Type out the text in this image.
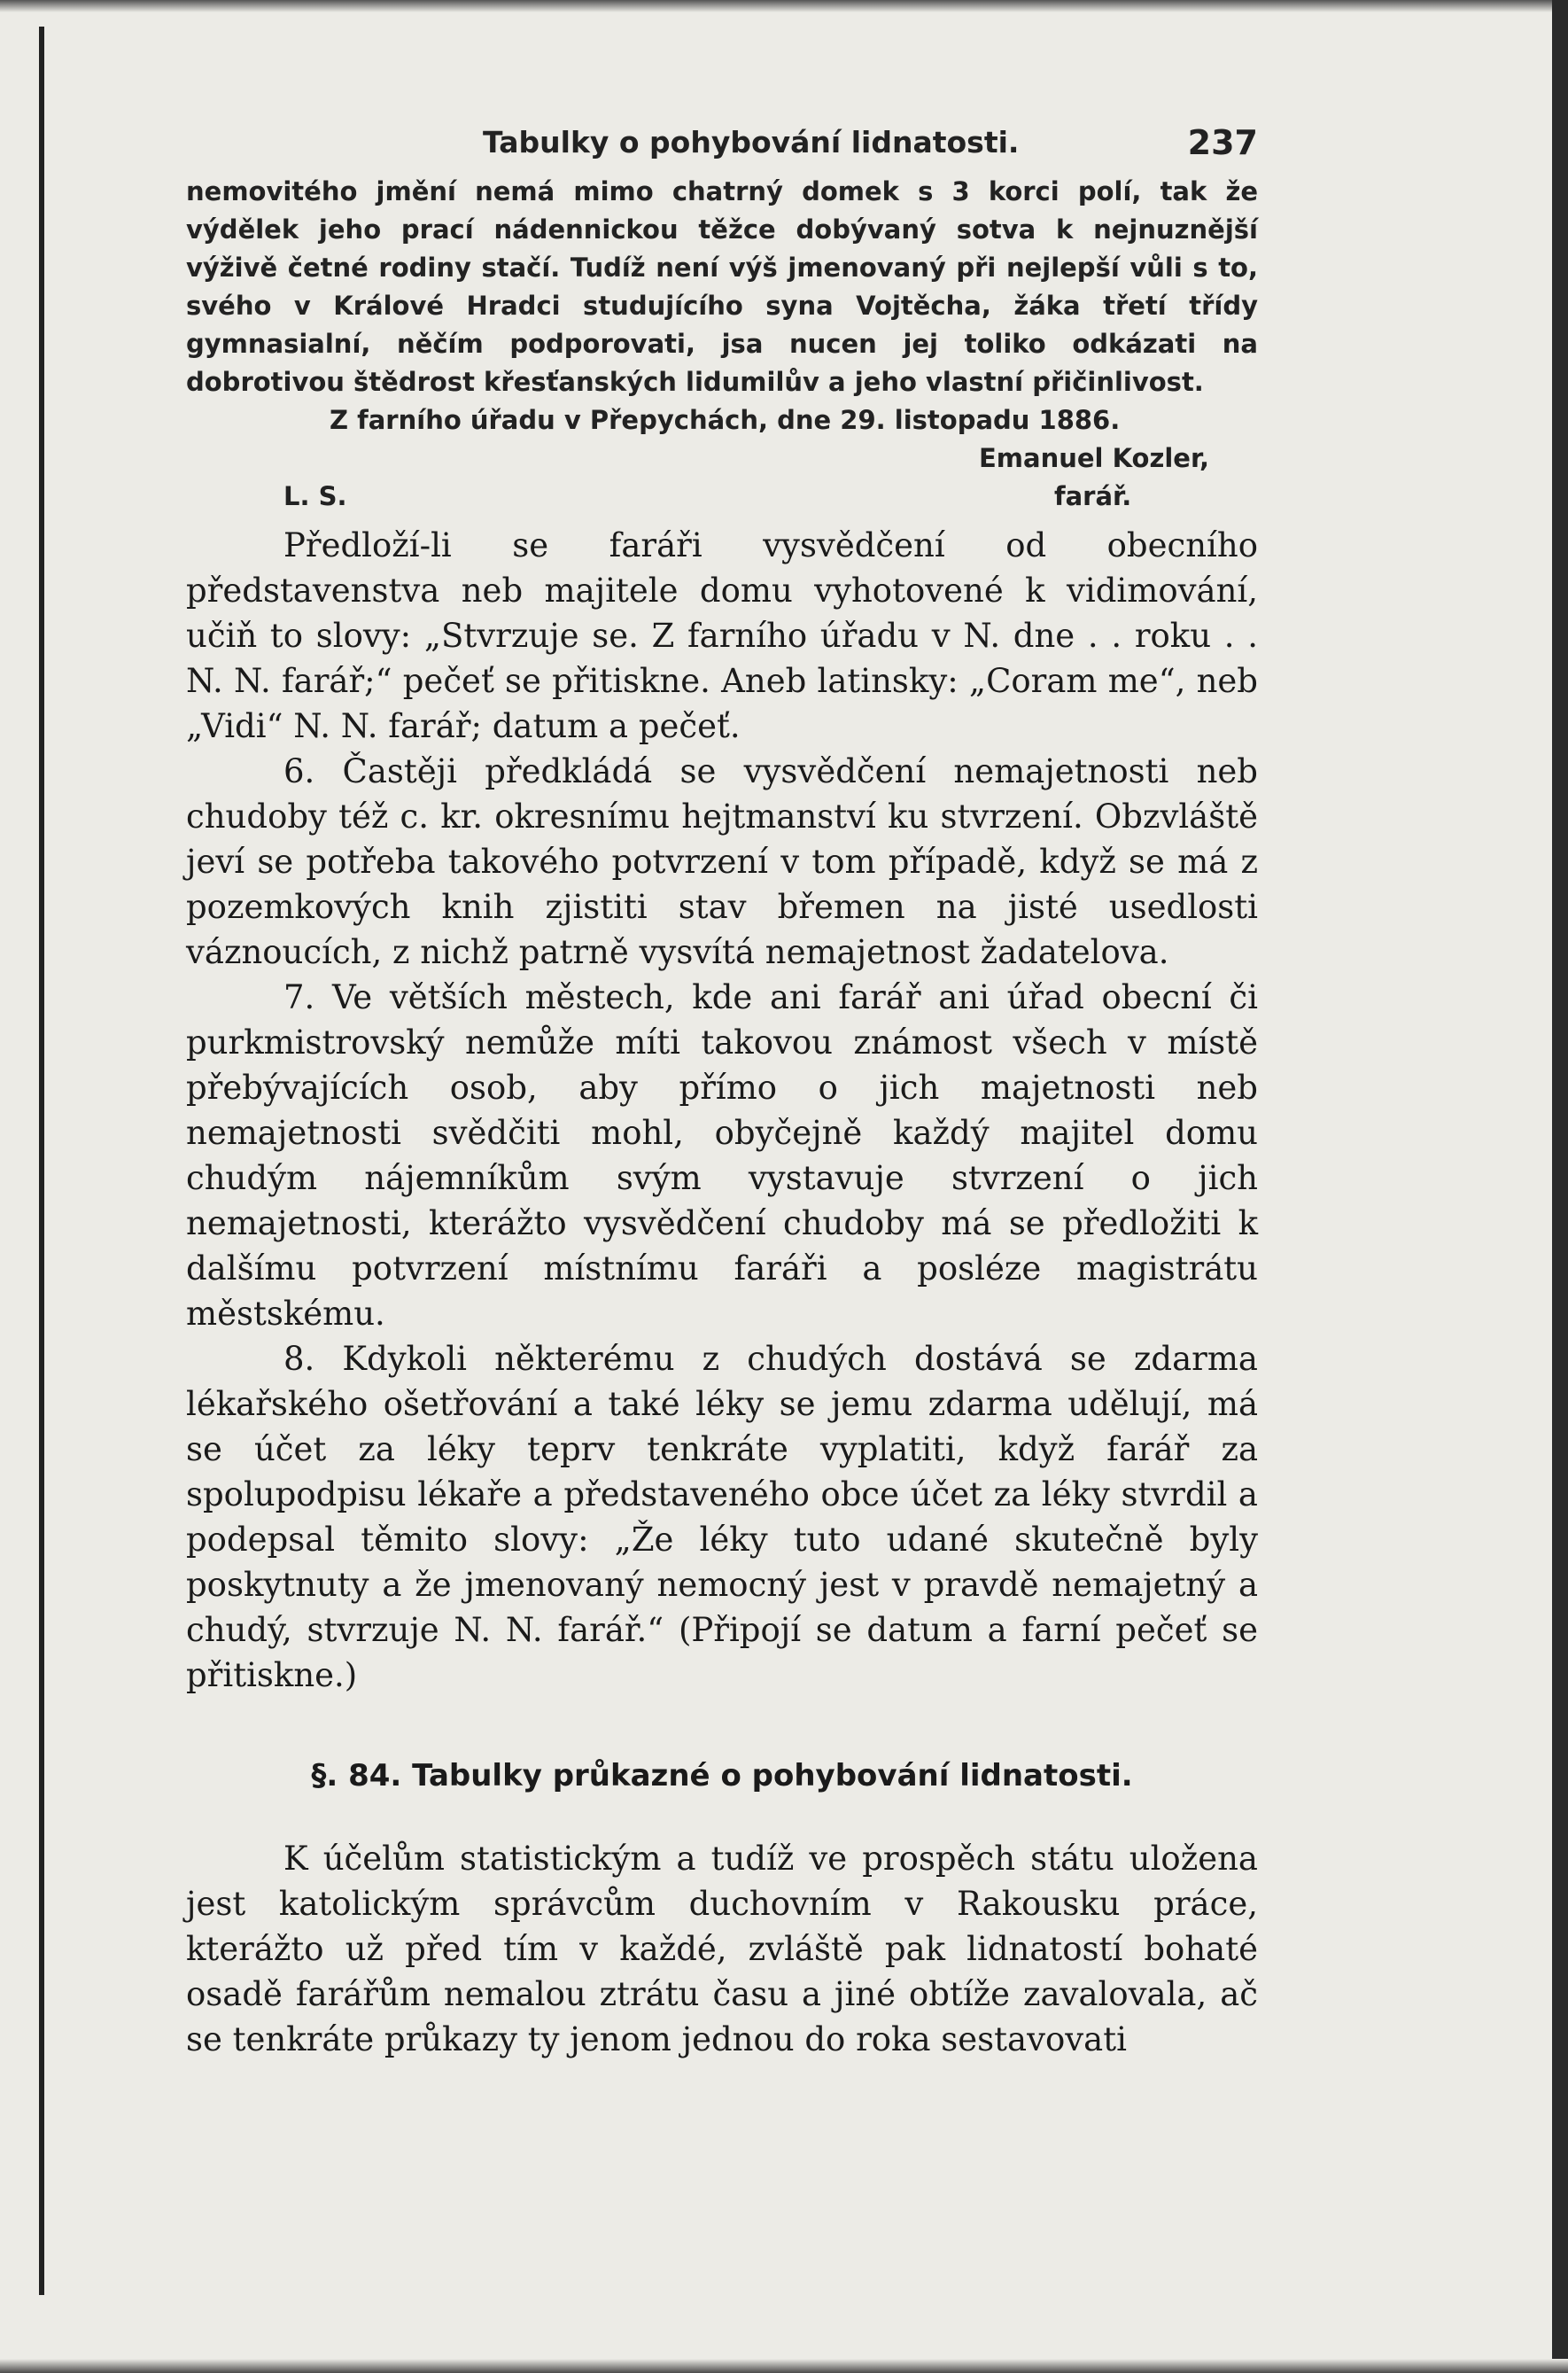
Tabulky o pohybování lidnatosti.	237

nemovitého jmění nemá mimo chatrný domek s 3 korci polí, tak že výdělek jeho prací nádennickou těžce dobývaný sotva k nejnuznější výživě četné rodiny stačí. Tudíž není výš jmenovaný při nejlepší vůli s to, svého v Králové Hradci studujícího syna Vojtěcha, žáka třetí třídy gymnasialní, něčím podporovati, jsa nucen jej toliko odkázati na dobrotivou štědrost křesťanských lidumilův a jeho vlastní přičinlivost.

Z farního úřadu v Přepychách, dne 29. listopadu 1886.

Emanuel Kozler,
L. S.	farář.

Předloží-li se faráři vysvědčení od obecního představenstva neb majitele domu vyhotovené k vidimování, učiň to slovy: „Stvrzuje se. Z farního úřadu v N. dne . . roku . . N. N. farář;“ pečeť se přitiskne. Aneb latinsky: „Coram me“, neb „Vidi“ N. N. farář; datum a pečeť.

6. Častěji předkládá se vysvědčení nemajetnosti neb chudoby též c. kr. okresnímu hejtmanství ku stvrzení. Obzvláště jeví se potřeba takového potvrzení v tom případě, když se má z pozemkových knih zjistiti stav břemen na jisté usedlosti váznoucích, z nichž patrně vysvítá nemajetnost žadatelova.

7. Ve větších městech, kde ani farář ani úřad obecní či purkmistrovský nemůže míti takovou známost všech v místě přebývajících osob, aby přímo o jich majetnosti neb nemajetnosti svědčiti mohl, obyčejně každý majitel domu chudým nájemníkům svým vystavuje stvrzení o jich nemajetnosti, kterážto vysvědčení chudoby má se předložiti k dalšímu potvrzení místnímu faráři a posléze magistrátu městskému.

8. Kdykoli některému z chudých dostává se zdarma lékařského ošetřování a také léky se jemu zdarma udělují, má se účet za léky teprv tenkráte vyplatiti, když farář za spolupodpisu lékaře a představeného obce účet za léky stvrdil a podepsal těmito slovy: „Že léky tuto udané skutečně byly poskytnuty a že jmenovaný nemocný jest v pravdě nemajetný a chudý, stvrzuje N. N. farář.“ (Připojí se datum a farní pečeť se přitiskne.)

§. 84. Tabulky průkazné o pohybování lidnatosti.

K účelům statistickým a tudíž ve prospěch státu uložena jest katolickým správcům duchovním v Rakousku práce, kterážto už před tím v každé, zvláště pak lidnatostí bohaté osadě farářům nemalou ztrátu času a jiné obtíže zavalovala, ač se tenkráte průkazy ty jenom jednou do roka sestavovati
